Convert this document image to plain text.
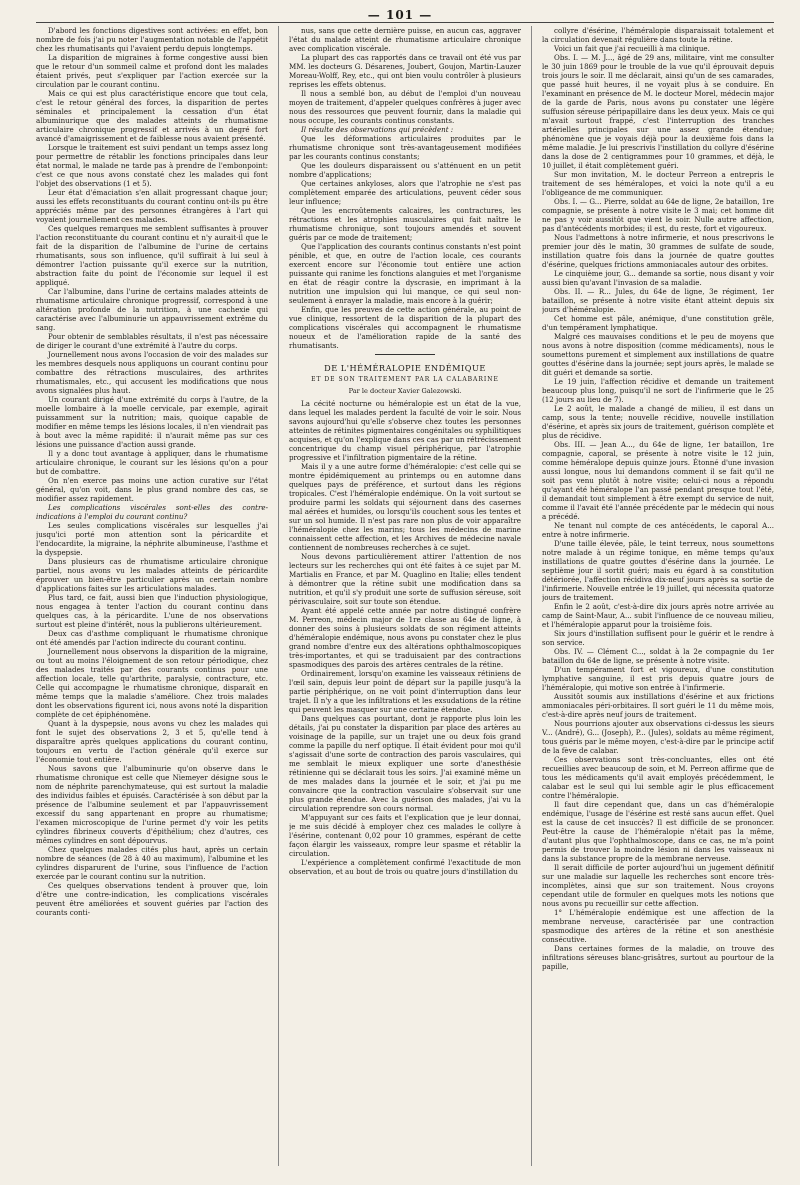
— 101 —

D'abord les fonctions digestives sont activées: en effet, bon nombre de fois j'ai pu noter l'augmentation notable de l'appétit chez les rhumatisants qui l'avaient perdu depuis longtemps.

La disparition de migraines à forme congestive aussi bien que le retour d'un sommeil calme et profond dont les malades étaient privés, peut s'expliquer par l'action exercée sur la circulation par le courant continu.

Mais ce qui est plus caractéristique encore que tout cela, c'est le retour général des forces, la disparition de pertes séminales et principalement la cessation d'un état albuminurique que des malades atteints de rhumatisme articulaire chronique progressif et arrivés à un degré fort avancé d'amaigrissement et de faiblesse nous avaient présenté.

Lorsque le traitement est suivi pendant un temps assez long pour permettre de rétablir les fonctions principales dans leur état normal, le malade ne tarde pas à prendre de l'embonpoint: c'est ce que nous avons constaté chez les malades qui font l'objet des observations (1 et 5).

Leur état d'émaciation s'en allait progressant chaque jour; aussi les effets reconstituants du courant continu ont-ils pu être appréciés même par des personnes étrangères à l'art qui voyaient journellement ces malades.

Ces quelques remarques me semblent suffisantes à prouver l'action reconstituante du courant continu et n'y aurait-il que le fait de la disparition de l'albumine de l'urine de certains rhumatisants, sous son influence, qu'il suffirait à lui seul à démontrer l'action puissante qu'il exerce sur la nutrition, abstraction faite du point de l'économie sur lequel il est appliqué.

Car l'albumine, dans l'urine de certains malades atteints de rhumatisme articulaire chronique progressif, correspond à une altération profonde de la nutrition, à une cachexie qui caractérise avec l'albuminurie un appauvrissement extrême du sang.

Pour obtenir de semblables résultats, il n'est pas nécessaire de diriger le courant d'une extrémité à l'autre du corps.

Journellement nous avons l'occasion de voir des malades sur les membres desquels nous appliquons un courant continu pour combattre des rétractions musculaires, des arthrites rhumatismales, etc., qui accusent les modifications que nous avons signalées plus haut.

Un courant dirigé d'une extrémité du corps à l'autre, de la moelle lombaire à la moelle cervicale, par exemple, agirait puissamment sur la nutrition; mais, quoique capable de modifier en même temps les lésions locales, il n'en viendrait pas à bout avec la même rapidité: il n'aurait même pas sur ces lésions une puissance d'action aussi grande.

Il y a donc tout avantage à appliquer, dans le rhumatisme articulaire chronique, le courant sur les lésions qu'on a pour but de combattre.

On n'en exerce pas moins une action curative sur l'état général, qu'on voit, dans le plus grand nombre des cas, se modifier assez rapidement.

Les complications viscérales sont-elles des contre-indications à l'emploi du courant continu?

Les seules complications viscérales sur lesquelles j'ai jusqu'ici porté mon attention sont la péricardite et l'endocardite, la migraine, la néphrite albumineuse, l'asthme et la dyspepsie.

Dans plusieurs cas de rhumatisme articulaire chronique partiel, nous avons vu les malades atteints de péricardite éprouver un bien-être particulier après un certain nombre d'applications faites sur les articulations malades.

Plus tard, ce fait, aussi bien que l'induction physiologique, nous engagea à tenter l'action du courant continu dans quelques cas, à la péricardite. L'une de nos observations surtout est pleine d'intérêt, nous la publierons ultérieurement.

Deux cas d'asthme compliquant le rhumatisme chronique ont été amendés par l'action indirecte du courant continu.

Journellement nous observons la disparition de la migraine, ou tout au moins l'éloignement de son retour périodique, chez des malades traités par des courants continus pour une affection locale, telle qu'arthrite, paralysie, contracture, etc. Celle qui accompagne le rhumatisme chronique, disparaît en même temps que la maladie s'améliore. Chez trois malades dont les observations figurent ici, nous avons noté la disparition complète de cet épiphénomène.

Quant à la dyspepsie, nous avons vu chez les malades qui font le sujet des observations 2, 3 et 5, qu'elle tend à disparaître après quelques applications du courant continu, toujours en vertu de l'action générale qu'il exerce sur l'économie tout entière.

Nous savons que l'albuminurie qu'on observe dans le rhumatisme chronique est celle que Niemeyer désigne sous le nom de néphrite parenchymateuse, qui est surtout la maladie des individus faibles et épuisés. Caractérisée à son début par la présence de l'albumine seulement et par l'appauvrissement excessif du sang appartenant en propre au rhumatisme; l'examen microscopique de l'urine permet d'y voir les petits cylindres fibrineux couverts d'épithélium; chez d'autres, ces mêmes cylindres en sont dépourvus.

Chez quelques malades cités plus haut, après un certain nombre de séances (de 28 à 40 au maximum), l'albumine et les cylindres disparurent de l'urine, sous l'influence de l'action exercée par le courant continu sur la nutrition.

Ces quelques observations tendent à prouver que, loin d'être une contre-indication, les complications viscérales peuvent être améliorées et souvent guéries par l'action des courants conti-

nus, sans que cette dernière puisse, en aucun cas, aggraver l'état du malade atteint de rhumatisme articulaire chronique avec complication viscérale.

La plupart des cas rapportés dans ce travail ont été vus par MM. les docteurs G. Désarenes, Joubert, Goujon, Martin-Lauzer Moreau-Wolff, Rey, etc., qui ont bien voulu contrôler à plusieurs reprises les effets obtenus.

Il nous a semblé bon, au début de l'emploi d'un nouveau moyen de traitement, d'appeler quelques confrères à juger avec nous des ressources que peuvent fournir, dans la maladie qui nous occupe, les courants continus constants.

Il résulte des observations qui précèdent :

Que les déformations articulaires produites par le rhumatisme chronique sont très-avantageusement modifiées par les courants continus constants;

Que les douleurs disparaissent ou s'atténuent en un petit nombre d'applications;

Que certaines ankyloses, alors que l'atrophie ne s'est pas complètement emparée des articulations, peuvent céder sous leur influence;

Que les encroûtements calcaires, les contractures, les rétractions et les atrophies musculaires qui fait naître le rhumatisme chronique, sont toujours amendés et souvent guéris par ce mode de traitement;

Que l'application des courants continus constants n'est point pénible, et que, en outre de l'action locale, ces courants exercent encore sur l'économie tout entière une action puissante qui ranime les fonctions alanguies et met l'organisme en état de réagir contre la dyscrasie, en imprimant à la nutrition une impulsion qui lui manque, ce qui seul non-seulement à enrayer la maladie, mais encore à la guérir;

Enfin, que les preuves de cette action générale, au point de vue clinique, ressortent de la disparition de la plupart des complications viscérales qui accompagnent le rhumatisme noueux et de l'amélioration rapide de la santé des rhumatisants.

DE L'HÉMÉRALOPIE ENDÉMIQUE
ET DE SON TRAITEMENT PAR LA CALABARINE
Par le docteur Xavier Galezowski.

La cécité nocturne ou héméralopie est un état de la vue, dans lequel les malades perdent la faculté de voir le soir. Nous savons aujourd'hui qu'elle s'observe chez toutes les personnes atteintes de rétinites pigmentaires congénitales ou syphilitiques acquises, et qu'on l'explique dans ces cas par un rétrécissement concentrique du champ visuel périphérique, par l'atrophie progressive et l'infiltration pigmentaire de la rétine.

Mais il y a une autre forme d'héméralopie: c'est celle qui se montre épidémiquement au printemps ou en automne dans quelques pays de préférence, et surtout dans les régions tropicales. C'est l'héméralopie endémique. On la voit surtout se produire parmi les soldats qui séjournent dans des casernes mal aérées et humides, ou lorsqu'ils couchent sous les tentes et sur un sol humide. Il n'est pas rare non plus de voir apparaître l'héméralopie chez les marins; tous les médecins de marine connaissent cette affection, et les Archives de médecine navale contiennent de nombreuses recherches à ce sujet.

Nous devons particulièrement attirer l'attention de nos lecteurs sur les recherches qui ont été faites à ce sujet par M. Martialis en France, et par M. Quaglino en Italie; elles tendent à démontrer que la rétine subit une modification dans sa nutrition, et qu'il s'y produit une sorte de suffusion séreuse, soit périvasculaire, soit sur toute son étendue.

Ayant été appelé cette année par notre distingué confrère M. Perreon, médecin major de 1re classe au 64e de ligne, à donner des soins à plusieurs soldats de son régiment atteints d'héméralopie endémique, nous avons pu constater chez le plus grand nombre d'entre eux des altérations ophthalmoscopiques très-importantes, et qui se traduisaient par des contractions spasmodiques des parois des artères centrales de la rétine.

Ordinairement, lorsqu'on examine les vaisseaux rétiniens de l'œil sain, depuis leur point de départ sur la papille jusqu'à la partie périphérique, on ne voit point d'interruption dans leur trajet. Il n'y a que les infiltrations et les exsudations de la rétine qui peuvent les masquer sur une certaine étendue.

Dans quelques cas pourtant, dont je rapporte plus loin les détails, j'ai pu constater la disparition par place des artères au voisinage de la papille, sur un trajet une ou deux fois grand comme la papille du nerf optique. Il était évident pour moi qu'il s'agissait d'une sorte de contraction des parois vasculaires, qui me semblait le mieux expliquer une sorte d'anesthésie rétinienne qui se déclarait tous les soirs. J'ai examiné même un de mes malades dans la journée et le soir, et j'ai pu me convaincre que la contraction vasculaire s'observait sur une plus grande étendue. Avec la guérison des malades, j'ai vu la circulation reprendre son cours normal.

M'appuyant sur ces faits et l'explication que je leur donnai, je me suis décidé à employer chez ces malades le collyre à l'ésérine, contenant 0,02 pour 10 grammes, espérant de cette façon élargir les vaisseaux, rompre leur spasme et rétablir la circulation.

L'expérience a complètement confirmé l'exactitude de mon observation, et au bout de trois ou quatre jours d'instillation du

collyre d'ésérine, l'héméralopie disparaissait totalement et la circulation devenait régulière dans toute la rétine.

Voici un fait que j'ai recueilli à ma clinique.

Obs. I. — M. J..., âgé de 29 ans, militaire, vint me consulter le 30 juin 1869 pour le trouble de la vue qu'il éprouvait depuis trois jours le soir. Il me déclarait, ainsi qu'un de ses camarades, que passé huit heures, il ne voyait plus à se conduire. En l'examinant en présence de M. le docteur Morel, médecin major de la garde de Paris, nous avons pu constater une légère suffusion séreuse péripapillaire dans les deux yeux. Mais ce qui m'avait surtout frappé, c'est l'interruption des tranches artérielles principales sur une assez grande étendue; phénomène que je voyais déjà pour la deuxième fois dans la même maladie. Je lui prescrivis l'instillation du collyre d'ésérine dans la dose de 2 centigrammes pour 10 grammes, et déjà, le 10 juillet, il était complètement guéri.

Sur mon invitation, M. le docteur Perreon a entrepris le traitement de ses héméralopes, et voici la note qu'il a eu l'obligeance de me communiquer.

Obs. I. — G... Pierre, soldat au 64e de ligne, 2e bataillon, 1re compagnie, se présente à notre visite le 3 mai; cet homme dit ne pas y voir aussitôt que vient le soir. Nulle autre affection, pas d'antécédents morbides; il est, du reste, fort et vigoureux.

Nous l'admettons à notre infirmerie, et nous prescrivons le premier jour dès le matin, 30 grammes de sulfate de soude, instillation quatre fois dans la journée de quatre gouttes d'ésérine, quelques frictions ammoniacales autour des orbites.

Le cinquième jour, G... demande sa sortie, nous disant y voir aussi bien qu'avant l'invasion de sa maladie.

Obs. II. — R... Jules, du 64e de ligne, 3e régiment, 1er bataillon, se présente à notre visite étant atteint depuis six jours d'héméralopie.

Cet homme est pâle, anémique, d'une constitution grêle, d'un tempérament lymphatique.

Malgré ces mauvaises conditions et le peu de moyens que nous avons à notre disposition (comme médicaments), nous le soumettons purement et simplement aux instillations de quatre gouttes d'ésérine dans la journée; sept jours après, le malade se dit guéri et demande sa sortie.

Le 19 juin, l'affection récidive et demande un traitement beaucoup plus long, puisqu'il ne sort de l'infirmerie que le 25 (12 jours au lieu de 7).

Le 2 août, le malade a changé de milieu, il est dans un camp, sous la tente; nouvelle récidive, nouvelle instillation d'ésérine, et après six jours de traitement, guérison complète et plus de récidive.

Obs. III. — Jean A..., du 64e de ligne, 1er bataillon, 1re compagnie, caporal, se présente à notre visite le 12 juin, comme héméralope depuis quinze jours. Étonné d'une invasion aussi longue, nous lui demandons comment il se fait qu'il ne soit pas venu plutôt à notre visite; celui-ci nous a répondu qu'ayant été héméralope l'an passé pendant presque tout l'été, il demandait tout simplement à être exempt du service de nuit, comme il l'avait été l'année précédente par le médecin qui nous a précédé.

Ne tenant nul compte de ces antécédents, le caporal A... entre à notre infirmerie.

D'une taille élevée, pâle, le teint terreux, nous soumettons notre malade à un régime tonique, en même temps qu'aux instillations de quatre gouttes d'ésérine dans la journée. Le septième jour il sortit guéri; mais eu égard à sa constitution détériorée, l'affection récidiva dix-neuf jours après sa sortie de l'infirmerie. Nouvelle entrée le 19 juillet, qui nécessita quatorze jours de traitement.

Enfin le 2 août, c'est-à-dire dix jours après notre arrivée au camp de Saint-Maur, A... subit l'influence de ce nouveau milieu, et l'héméralopie apparut pour la troisième fois.

Six jours d'instillation suffisent pour le guérir et le rendre à son service.

Obs. IV. — Clément C..., soldat à la 2e compagnie du 1er bataillon du 64e de ligne, se présente à notre visite.

D'un tempérament fort et vigoureux, d'une constitution lymphative sanguine, il est pris depuis quatre jours de l'héméralopie, qui motive son entrée à l'infirmerie.

Aussitôt soumis aux instillations d'ésérine et aux frictions ammoniacales péri-orbitaires. Il sort guéri le 11 du même mois, c'est-à-dire après neuf jours de traitement.

Nous pourrions ajouter aux observations ci-dessus les sieurs V... (André), G... (Joseph), P... (Jules), soldats au même régiment, tous guéris par le même moyen, c'est-à-dire par le principe actif de la fève de calabar.

Ces observations sont très-concluantes, elles ont été recueillies avec beaucoup de soin, et M. Perreon affirme que de tous les médicaments qu'il avait employés précédemment, le calabar est le seul qui lui semble agir le plus efficacement contre l'héméralopie.

Il faut dire cependant que, dans un cas d'héméralopie endémique, l'usage de l'ésérine est resté sans aucun effet. Quel est la cause de cet insuccès? Il est difficile de se prononcer. Peut-être la cause de l'héméralopie n'était pas la même, d'autant plus que l'ophthalmoscope, dans ce cas, ne m'a point permis de trouver la moindre lésion ni dans les vaisseaux ni dans la substance propre de la membrane nerveuse.

Il serait difficile de porter aujourd'hui un jugement définitif sur une maladie sur laquelle les recherches sont encore très-incomplètes, ainsi que sur son traitement. Nous croyons cependant utile de formuler en quelques mots les notions que nous avons pu recueillir sur cette affection.

1° L'héméralopie endémique est une affection de la membrane nerveuse, caractérisée par une contraction spasmodique des artères de la rétine et son anesthésie consécutive.

Dans certaines formes de la maladie, on trouve des infiltrations séreuses blanc-grisâtres, surtout au pourtour de la papille,
